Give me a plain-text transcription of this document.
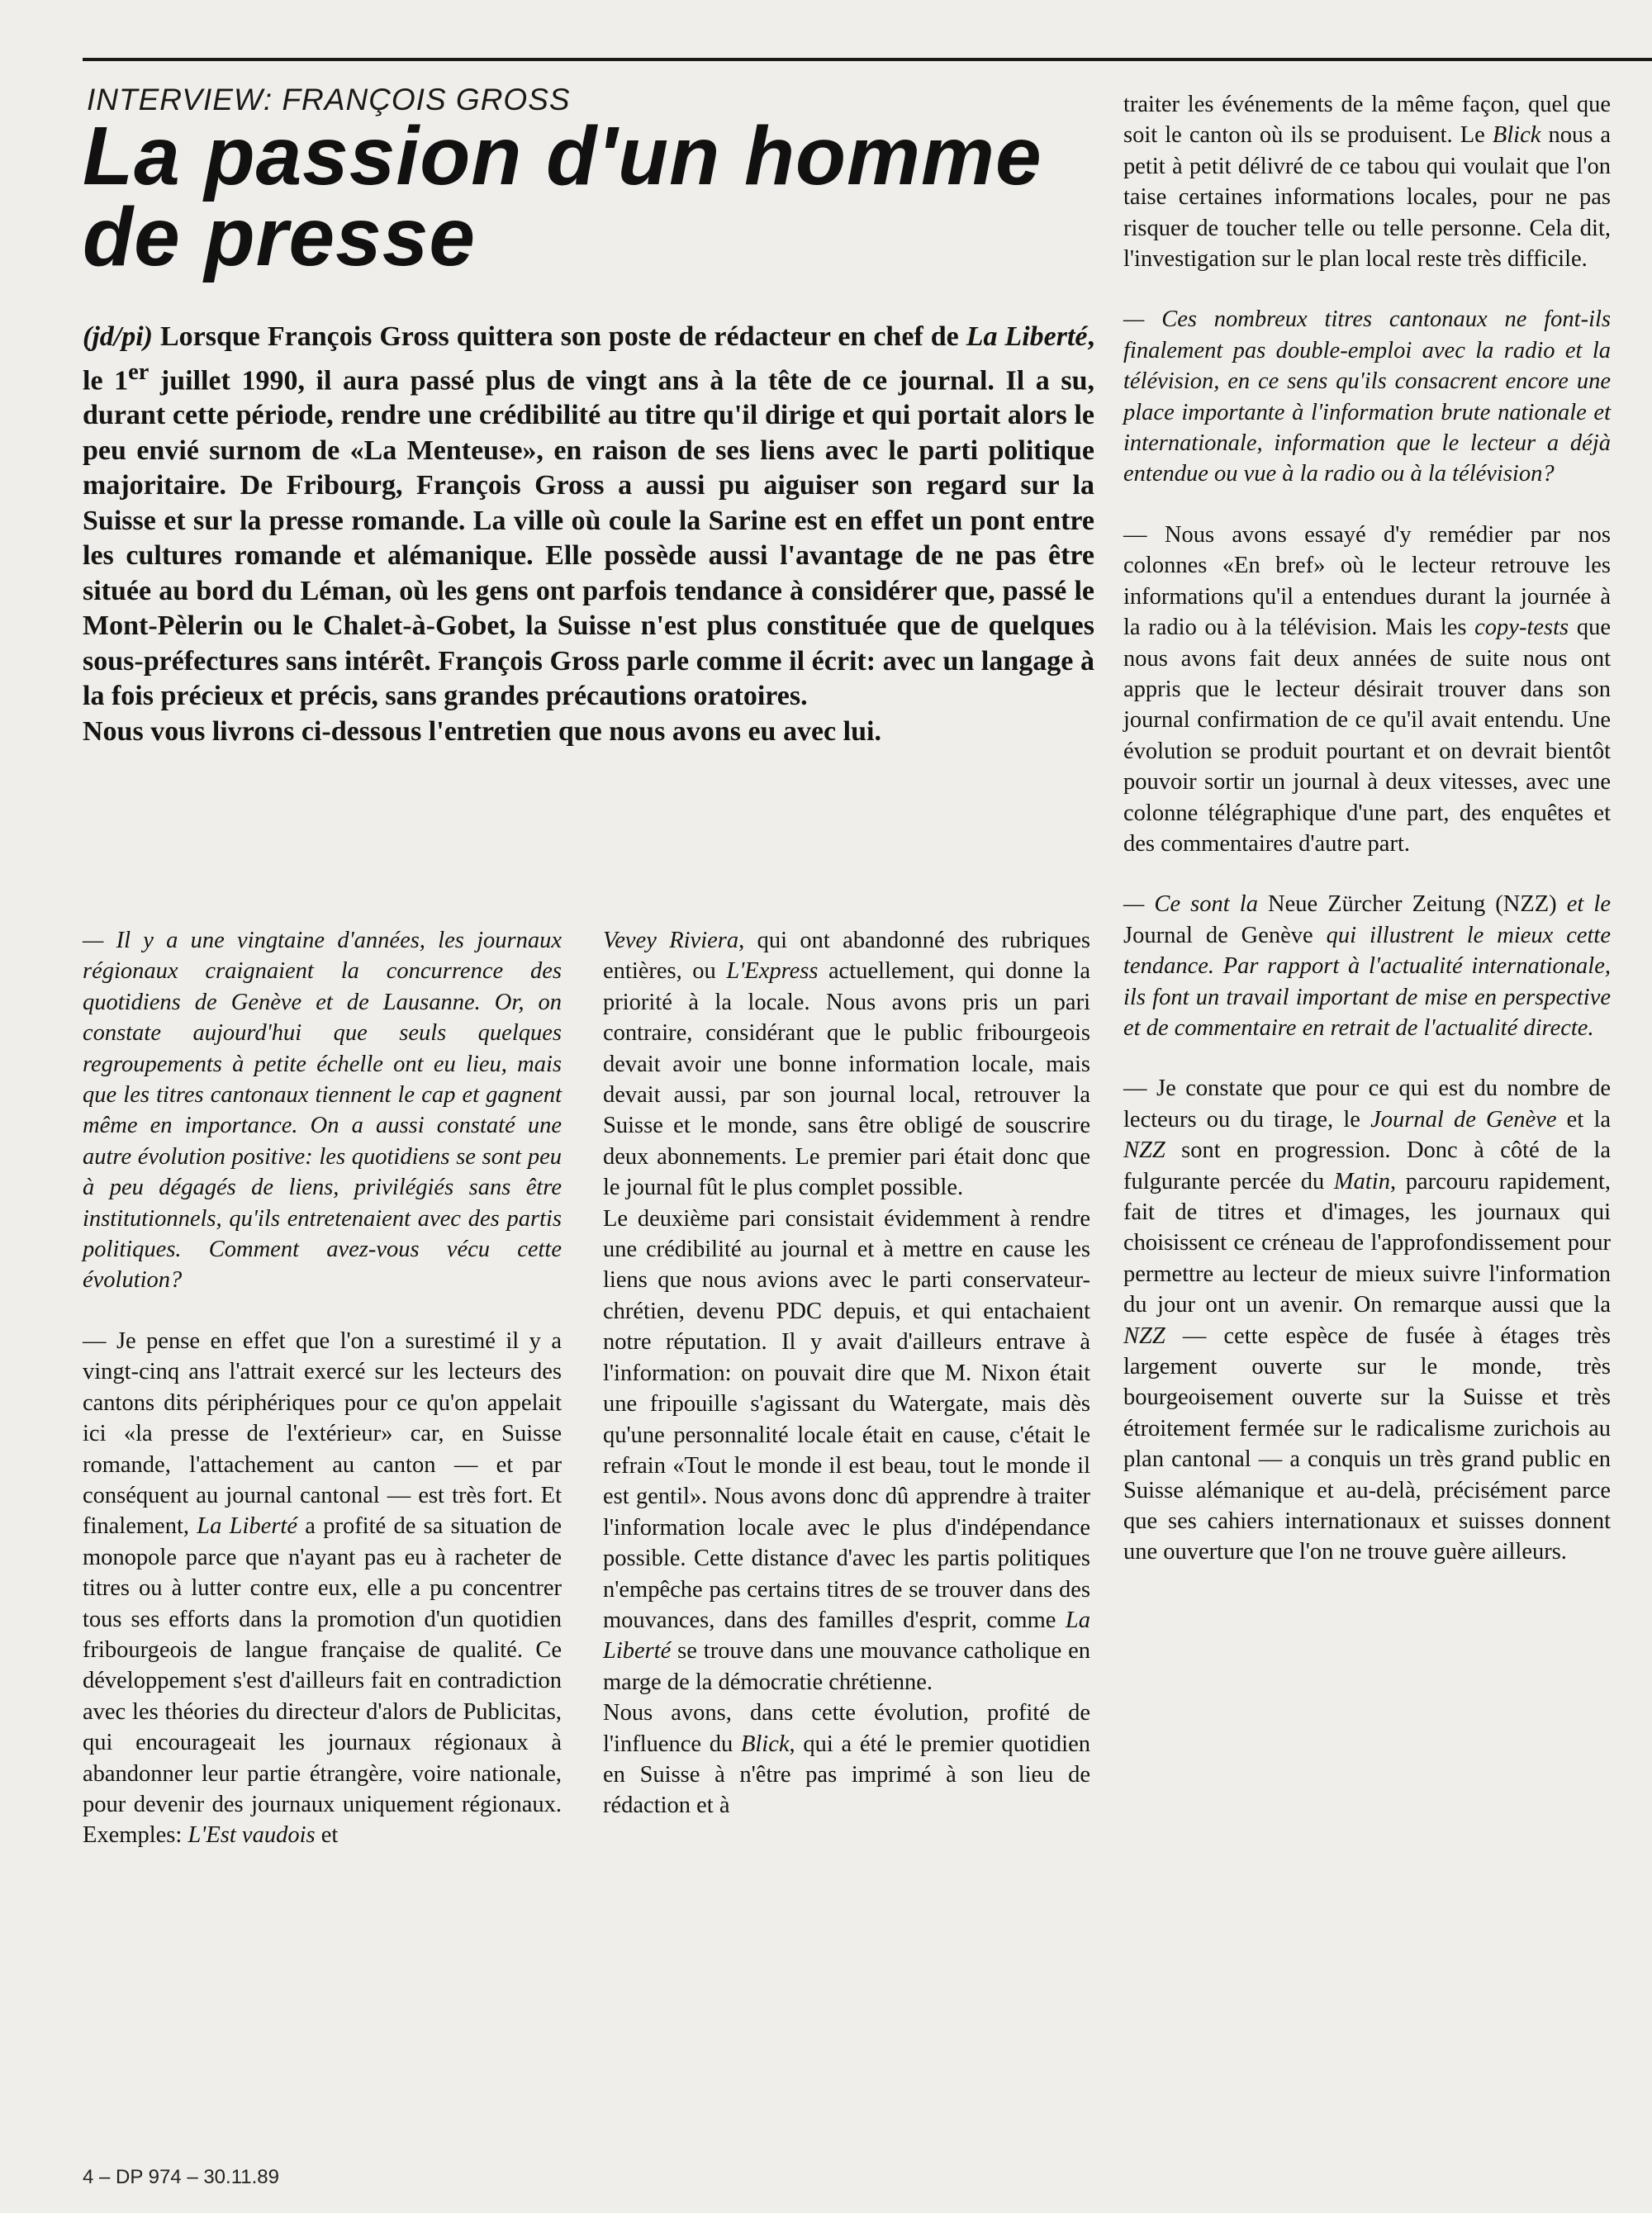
INTERVIEW: FRANÇOIS GROSS
La passion d'un homme de presse

(jd/pi) Lorsque François Gross quittera son poste de rédacteur en chef de La Liberté, le 1er juillet 1990, il aura passé plus de vingt ans à la tête de ce journal. Il a su, durant cette période, rendre une crédibilité au titre qu'il dirige et qui portait alors le peu envié surnom de «La Menteuse», en raison de ses liens avec le parti politique majoritaire. De Fribourg, François Gross a aussi pu aiguiser son regard sur la Suisse et sur la presse romande. La ville où coule la Sarine est en effet un pont entre les cultures romande et alémanique. Elle possède aussi l'avantage de ne pas être située au bord du Léman, où les gens ont parfois tendance à considérer que, passé le Mont-Pèlerin ou le Chalet-à-Gobet, la Suisse n'est plus constituée que de quelques sous-préfectures sans intérêt. François Gross parle comme il écrit: avec un langage à la fois précieux et précis, sans grandes précautions oratoires.

Nous vous livrons ci-dessous l'entretien que nous avons eu avec lui.

— Il y a une vingtaine d'années, les journaux régionaux craignaient la concurrence des quotidiens de Genève et de Lausanne. Or, on constate aujourd'hui que seuls quelques regroupements à petite échelle ont eu lieu, mais que les titres cantonaux tiennent le cap et gagnent même en importance. On a aussi constaté une autre évolution positive: les quotidiens se sont peu à peu dégagés de liens, privilégiés sans être institutionnels, qu'ils entretenaient avec des partis politiques. Comment avez-vous vécu cette évolution?

— Je pense en effet que l'on a surestimé il y a vingt-cinq ans l'attrait exercé sur les lecteurs des cantons dits périphériques pour ce qu'on appelait ici «la presse de l'extérieur» car, en Suisse romande, l'attachement au canton — et par conséquent au journal cantonal — est très fort. Et finalement, La Liberté a profité de sa situation de monopole parce que n'ayant pas eu à racheter de titres ou à lutter contre eux, elle a pu concentrer tous ses efforts dans la promotion d'un quotidien fribourgeois de langue française de qualité. Ce développement s'est d'ailleurs fait en contradiction avec les théories du directeur d'alors de Publicitas, qui encourageait les journaux régionaux à abandonner leur partie étrangère, voire nationale, pour devenir des journaux uniquement régionaux. Exemples: L'Est vaudois et

Vevey Riviera, qui ont abandonné des rubriques entières, ou L'Express actuellement, qui donne la priorité à la locale. Nous avons pris un pari contraire, considérant que le public fribourgeois devait avoir une bonne information locale, mais devait aussi, par son journal local, retrouver la Suisse et le monde, sans être obligé de souscrire deux abonnements. Le premier pari était donc que le journal fût le plus complet possible.

Le deuxième pari consistait évidemment à rendre une crédibilité au journal et à mettre en cause les liens que nous avions avec le parti conservateur-chrétien, devenu PDC depuis, et qui entachaient notre réputation. Il y avait d'ailleurs entrave à l'information: on pouvait dire que M. Nixon était une fripouille s'agissant du Watergate, mais dès qu'une personnalité locale était en cause, c'était le refrain «Tout le monde il est beau, tout le monde il est gentil». Nous avons donc dû apprendre à traiter l'information locale avec le plus d'indépendance possible. Cette distance d'avec les partis politiques n'empêche pas certains titres de se trouver dans des mouvances, dans des familles d'esprit, comme La Liberté se trouve dans une mouvance catholique en marge de la démocratie chrétienne.

Nous avons, dans cette évolution, profité de l'influence du Blick, qui a été le premier quotidien en Suisse à n'être pas imprimé à son lieu de rédaction et à

traiter les événements de la même façon, quel que soit le canton où ils se produisent. Le Blick nous a petit à petit délivré de ce tabou qui voulait que l'on taise certaines informations locales, pour ne pas risquer de toucher telle ou telle personne. Cela dit, l'investigation sur le plan local reste très difficile.

— Ces nombreux titres cantonaux ne font-ils finalement pas double-emploi avec la radio et la télévision, en ce sens qu'ils consacrent encore une place importante à l'information brute nationale et internationale, information que le lecteur a déjà entendue ou vue à la radio ou à la télévision?

— Nous avons essayé d'y remédier par nos colonnes «En bref» où le lecteur retrouve les informations qu'il a entendues durant la journée à la radio ou à la télévision. Mais les copy-tests que nous avons fait deux années de suite nous ont appris que le lecteur désirait trouver dans son journal confirmation de ce qu'il avait entendu. Une évolution se produit pourtant et on devrait bientôt pouvoir sortir un journal à deux vitesses, avec une colonne télégraphique d'une part, des enquêtes et des commentaires d'autre part.

— Ce sont la Neue Zürcher Zeitung (NZZ) et le Journal de Genève qui illustrent le mieux cette tendance. Par rapport à l'actualité internationale, ils font un travail important de mise en perspective et de commentaire en retrait de l'actualité directe.

— Je constate que pour ce qui est du nombre de lecteurs ou du tirage, le Journal de Genève et la NZZ sont en progression. Donc à côté de la fulgurante percée du Matin, parcouru rapidement, fait de titres et d'images, les journaux qui choisissent ce créneau de l'approfondissement pour permettre au lecteur de mieux suivre l'information du jour ont un avenir. On remarque aussi que la NZZ — cette espèce de fusée à étages très largement ouverte sur le monde, très bourgeoisement ouverte sur la Suisse et très étroitement fermée sur le radicalisme zurichois au plan cantonal — a conquis un très grand public en Suisse alémanique et au-delà, précisément parce que ses cahiers internationaux et suisses donnent une ouverture que l'on ne trouve guère ailleurs.

4 – DP 974 – 30.11.89
